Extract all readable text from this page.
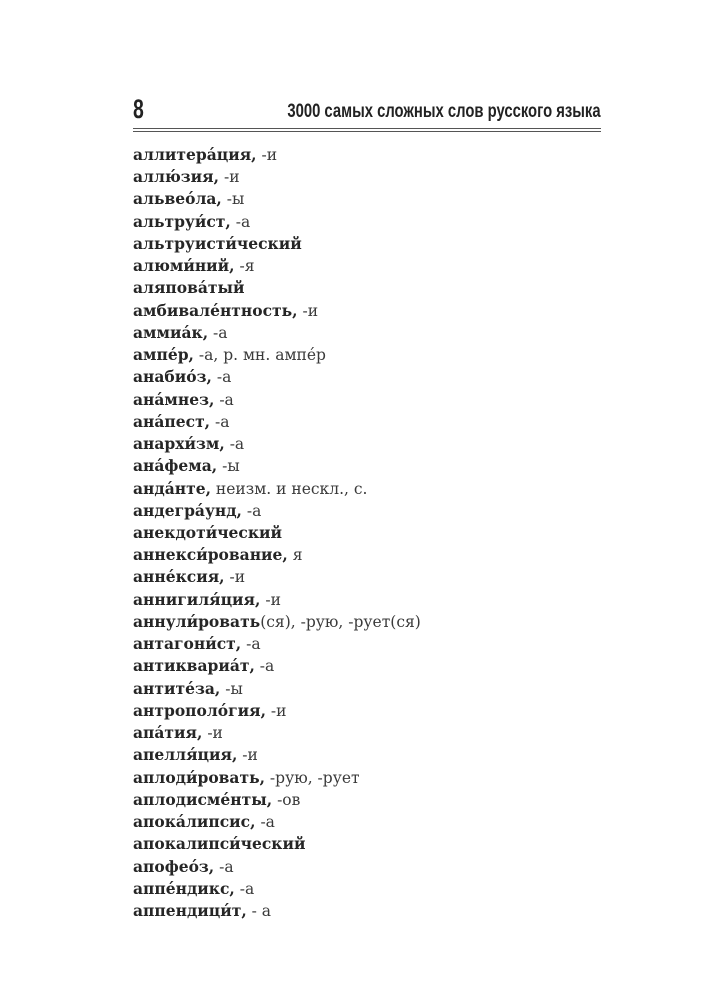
8	3000 самых сложных слов русского языка
аллитера́ция, -и
аллю́зия, -и
альвео́ла, -ы
альтруи́ст, -а
альтруисти́ческий
алюми́ний, -я
аляпова́тый
амбивале́нтность, -и
аммиа́к, -а
ампе́р, -а, р. мн. ампе́р
анабио́з, -а
ана́мнез, -а
ана́пест, -а
анархи́зм, -а
ана́фема, -ы
анда́нте, неизм. и нескл., с.
андегра́унд, -а
анекдоти́ческий
аннекси́рование, я
анне́ксия, -и
аннигиля́ция, -и
аннули́ровать(ся), -рую, -рует(ся)
антагони́ст, -а
антиквариа́т, -а
антите́за, -ы
антрополо́гия, -и
апа́тия, -и
апелля́ция, -и
аплоди́ровать, -рую, -рует
аплодисме́нты, -ов
апока́липсис, -а
апокалипси́ческий
апофео́з, -а
аппе́ндикс, -а
аппендици́т, - а
